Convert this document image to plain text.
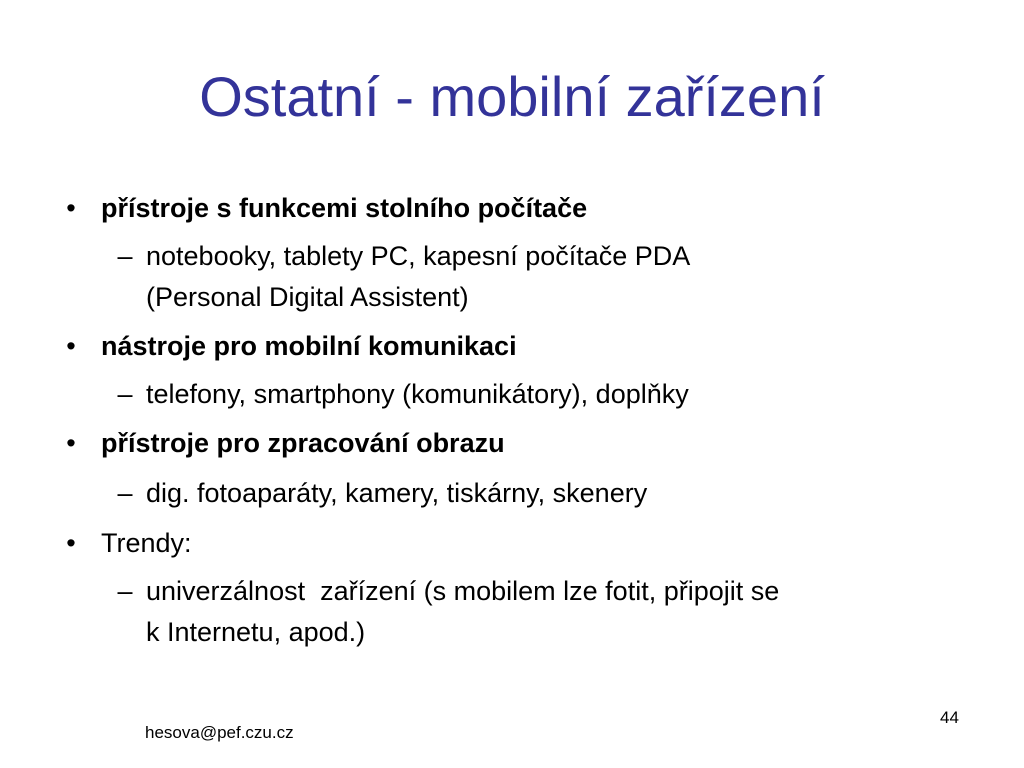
Ostatní - mobilní zařízení
• přístroje s funkcemi stolního počítače
– notebooky, tablety PC, kapesní počítače PDA
(Personal Digital Assistent)
• nástroje pro mobilní komunikaci
– telefony, smartphony (komunikátory), doplňky
• přístroje pro zpracování obrazu
– dig. fotoaparáty, kamery, tiskárny, skenery
• Trendy:
– univerzálnost  zařízení (s mobilem lze fotit, připojit se
k Internetu, apod.)
hesova@pef.czu.cz
44
